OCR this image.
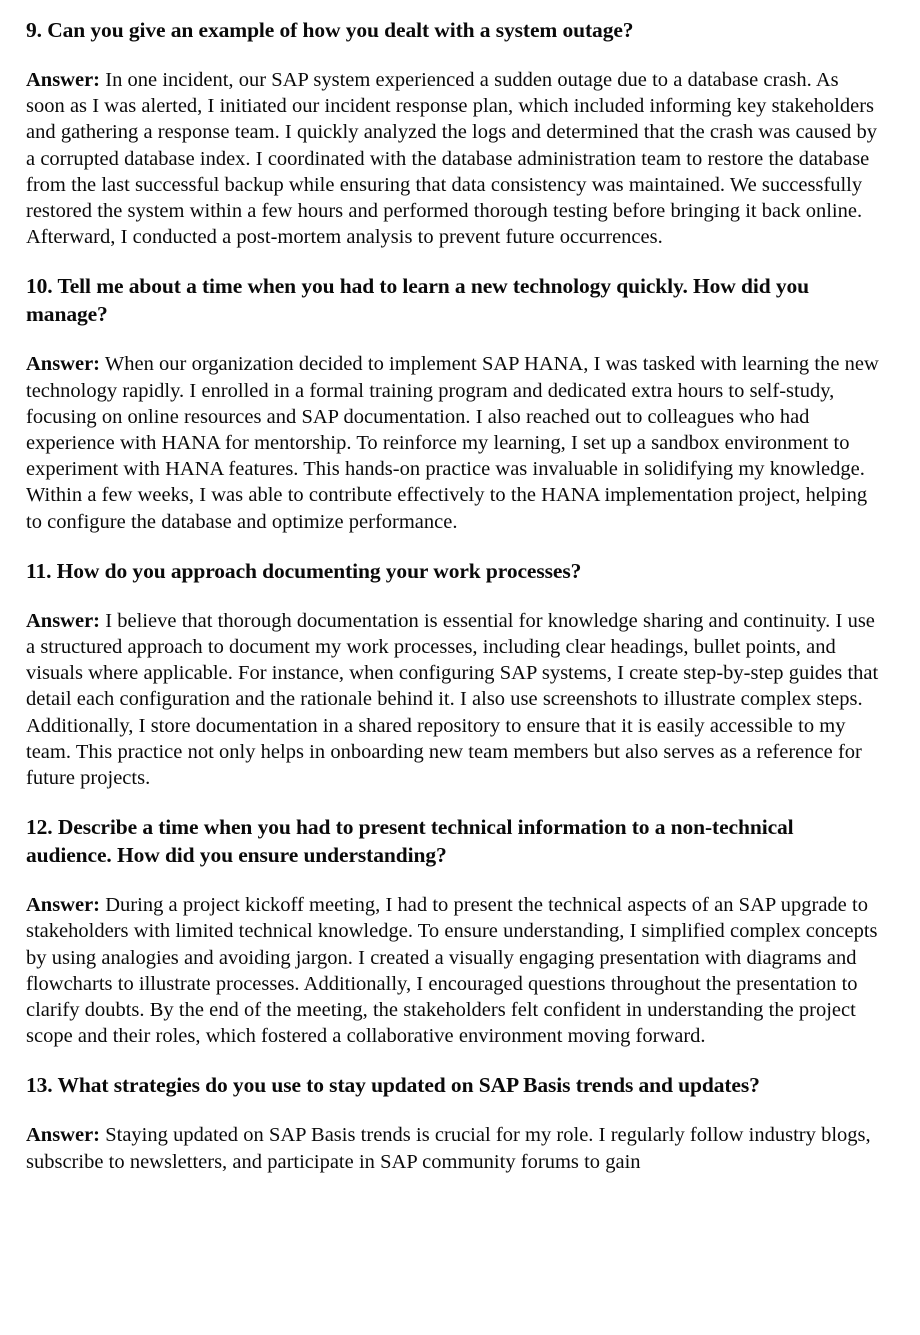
9. Can you give an example of how you dealt with a system outage?

Answer: In one incident, our SAP system experienced a sudden outage due to a database crash. As soon as I was alerted, I initiated our incident response plan, which included informing key stakeholders and gathering a response team. I quickly analyzed the logs and determined that the crash was caused by a corrupted database index. I coordinated with the database administration team to restore the database from the last successful backup while ensuring that data consistency was maintained. We successfully restored the system within a few hours and performed thorough testing before bringing it back online. Afterward, I conducted a post-mortem analysis to prevent future occurrences.

10. Tell me about a time when you had to learn a new technology quickly. How did you manage?

Answer: When our organization decided to implement SAP HANA, I was tasked with learning the new technology rapidly. I enrolled in a formal training program and dedicated extra hours to self-study, focusing on online resources and SAP documentation. I also reached out to colleagues who had experience with HANA for mentorship. To reinforce my learning, I set up a sandbox environment to experiment with HANA features. This hands-on practice was invaluable in solidifying my knowledge. Within a few weeks, I was able to contribute effectively to the HANA implementation project, helping to configure the database and optimize performance.

11. How do you approach documenting your work processes?

Answer: I believe that thorough documentation is essential for knowledge sharing and continuity. I use a structured approach to document my work processes, including clear headings, bullet points, and visuals where applicable. For instance, when configuring SAP systems, I create step-by-step guides that detail each configuration and the rationale behind it. I also use screenshots to illustrate complex steps. Additionally, I store documentation in a shared repository to ensure that it is easily accessible to my team. This practice not only helps in onboarding new team members but also serves as a reference for future projects.

12. Describe a time when you had to present technical information to a non-technical audience. How did you ensure understanding?

Answer: During a project kickoff meeting, I had to present the technical aspects of an SAP upgrade to stakeholders with limited technical knowledge. To ensure understanding, I simplified complex concepts by using analogies and avoiding jargon. I created a visually engaging presentation with diagrams and flowcharts to illustrate processes. Additionally, I encouraged questions throughout the presentation to clarify doubts. By the end of the meeting, the stakeholders felt confident in understanding the project scope and their roles, which fostered a collaborative environment moving forward.

13. What strategies do you use to stay updated on SAP Basis trends and updates?

Answer: Staying updated on SAP Basis trends is crucial for my role. I regularly follow industry blogs, subscribe to newsletters, and participate in SAP community forums to gain
